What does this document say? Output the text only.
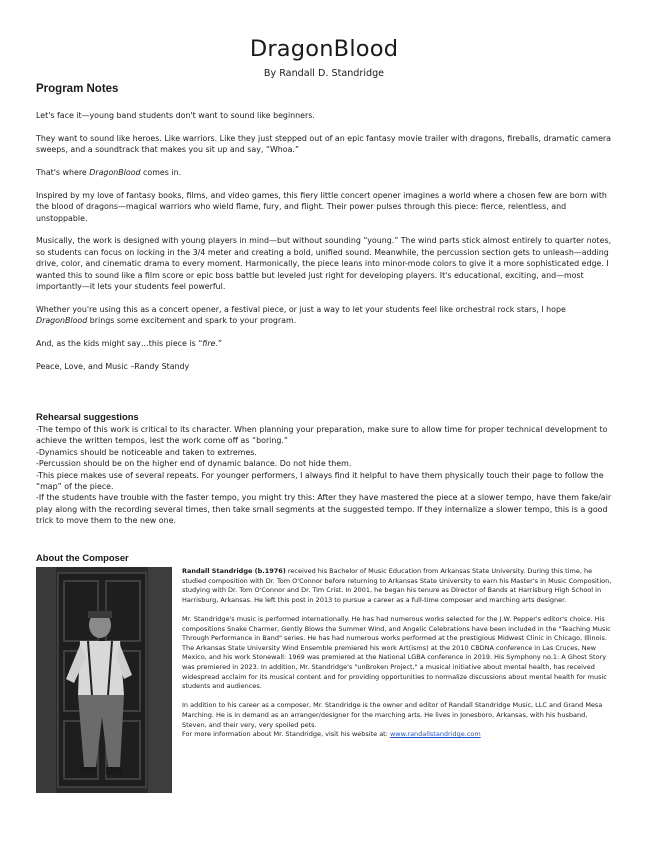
DragonBlood
By Randall D. Standridge
Program Notes

Let's face it—young band students don't want to sound like beginners.

They want to sound like heroes. Like warriors. Like they just stepped out of an epic fantasy movie trailer with dragons, fireballs, dramatic camera sweeps, and a soundtrack that makes you sit up and say, “Whoa.”

That's where DragonBlood comes in.

Inspired by my love of fantasy books, films, and video games, this fiery little concert opener imagines a world where a chosen few are born with the blood of dragons—magical warriors who wield flame, fury, and flight. Their power pulses through this piece: fierce, relentless, and unstoppable.

Musically, the work is designed with young players in mind—but without sounding “young.” The wind parts stick almost entirely to quarter notes, so students can focus on locking in the 3/4 meter and creating a bold, unified sound. Meanwhile, the percussion section gets to unleash—adding drive, color, and cinematic drama to every moment. Harmonically, the piece leans into minor-mode colors to give it a more sophisticated edge. I wanted this to sound like a film score or epic boss battle but leveled just right for developing players. It's educational, exciting, and—most importantly—it lets your students feel powerful.

Whether you're using this as a concert opener, a festival piece, or just a way to let your students feel like orchestral rock stars, I hope DragonBlood brings some excitement and spark to your program.

And, as the kids might say…this piece is “fire.”

Peace, Love, and Music –Randy Standy

Rehearsal suggestions
-The tempo of this work is critical to its character. When planning your preparation, make sure to allow time for proper technical development to achieve the written tempos, lest the work come off as “boring.”
-Dynamics should be noticeable and taken to extremes.
-Percussion should be on the higher end of dynamic balance. Do not hide them.
-This piece makes use of several repeats. For younger performers, I always find it helpful to have them physically touch their page to follow the “map” of the piece.
-If the students have trouble with the faster tempo, you might try this: After they have mastered the piece at a slower tempo, have them fake/air play along with the recording several times, then take small segments at the suggested tempo. If they internalize a slower tempo, this is a good trick to move them to the new one.
About the Composer

Randall Standridge (b.1976) received his Bachelor of Music Education from Arkansas State University. During this time, he studied composition with Dr. Tom O'Connor before returning to Arkansas State University to earn his Master's in Music Composition, studying with Dr. Tom O'Connor and Dr. Tim Crist. In 2001, he began his tenure as Director of Bands at Harrisburg High School in Harrisburg, Arkansas. He left this post in 2013 to pursue a career as a full-time composer and marching arts designer.

Mr. Standridge's music is performed internationally. He has had numerous works selected for the J.W. Pepper's editor's choice. His compositions Snake Charmer, Gently Blows the Summer Wind, and Angelic Celebrations have been included in the "Teaching Music Through Performance in Band" series. He has had numerous works performed at the prestigious Midwest Clinic in Chicago, Illinois. The Arkansas State University Wind Ensemble premiered his work Art(isms) at the 2010 CBDNA conference in Las Cruces, New Mexico, and his work Stonewall: 1969 was premiered at the National LGBA conference in 2019. His Symphony no.1: A Ghost Story was premiered in 2023. In addition, Mr. Standridge's "unBroken Project," a musical initiative about mental health, has received widespread acclaim for its musical content and for providing opportunities to normalize discussions about mental health for music students and audiences.

In addition to his career as a composer, Mr. Standridge is the owner and editor of Randall Standridge Music, LLC and Grand Mesa Marching. He is in demand as an arranger/designer for the marching arts. He lives in Jonesboro, Arkansas, with his husband, Steven, and their very, very spoiled pets.
For more information about Mr. Standridge, visit his website at: www.randallstandridge.com
